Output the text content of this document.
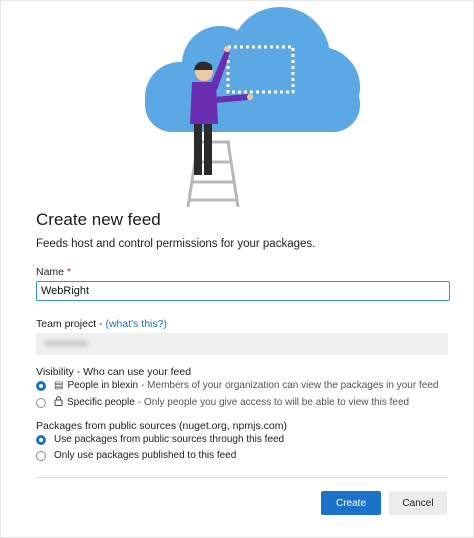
Create new feed
Feeds host and control permissions for your packages.
Name *
WebRight
Team project - (what's this?)
Visibility - Who can use your feed
▤ People in blexin - Members of your organization can view the packages in your feed
Specific people - Only people you give access to will be able to view this feed
Packages from public sources (nuget.org, npmjs.com)
Use packages from public sources through this feed
Only use packages published to this feed
Create	Cancel
